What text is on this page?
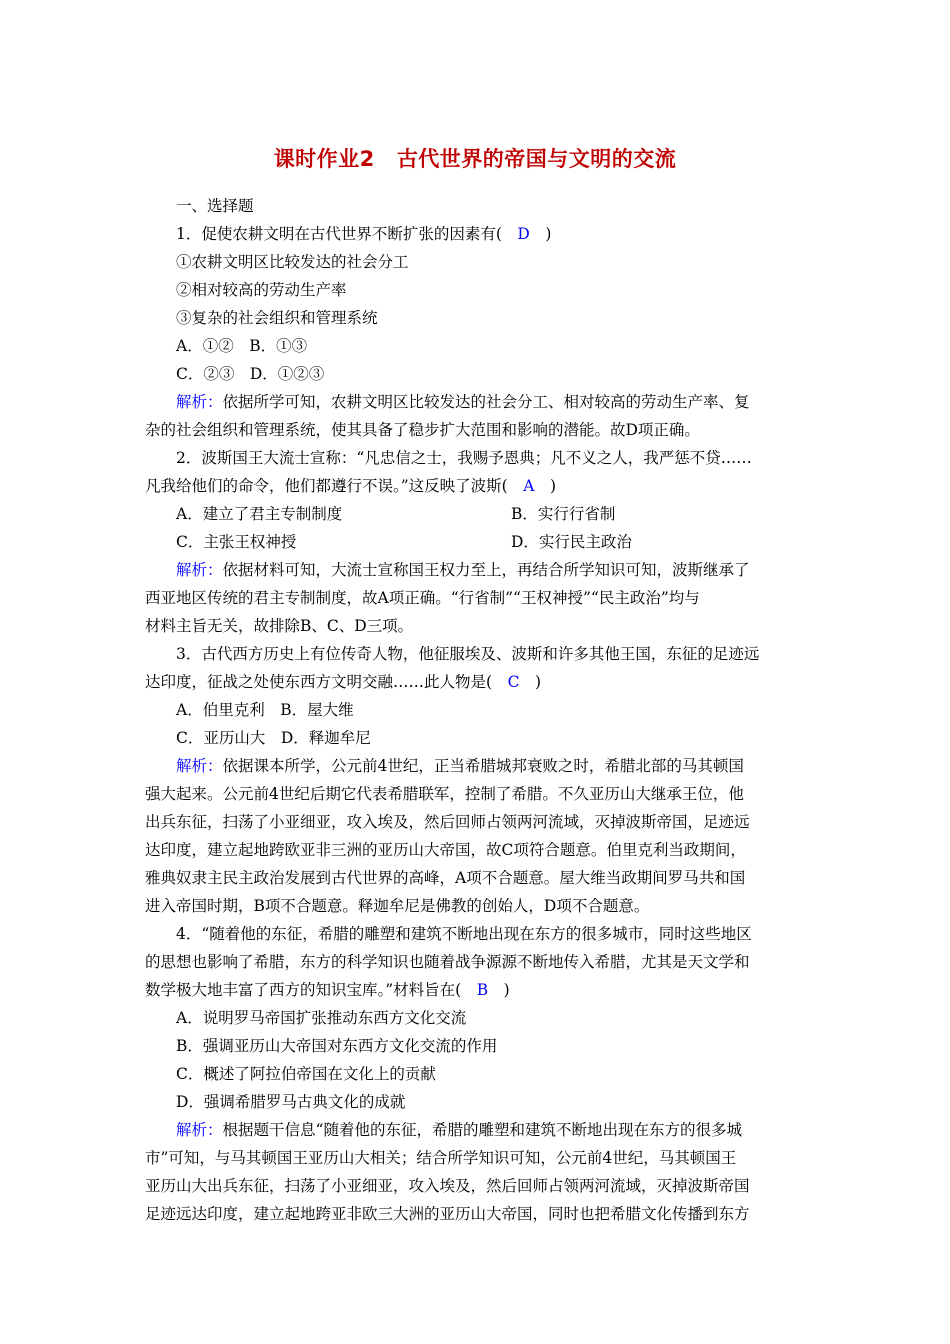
课时作业2 古代世界的帝国与文明的交流
一、选择题
1．促使农耕文明在古代世界不断扩张的因素有(　D　)
①农耕文明区比较发达的社会分工
②相对较高的劳动生产率
③复杂的社会组织和管理系统
A．①②　B．①③
C．②③　D．①②③
解析：依据所学可知，农耕文明区比较发达的社会分工、相对较高的劳动生产率、复
杂的社会组织和管理系统，使其具备了稳步扩大范围和影响的潜能。故D项正确。
2．波斯国王大流士宣称：“凡忠信之士，我赐予恩典；凡不义之人，我严惩不贷……
凡我给他们的命令，他们都遵行不误。”这反映了波斯(　A　)
A．建立了君主专制制度	B．实行行省制
C．主张王权神授	D．实行民主政治
解析：依据材料可知，大流士宣称国王权力至上，再结合所学知识可知，波斯继承了
西亚地区传统的君主专制制度，故A项正确。“行省制”“王权神授”“民主政治”均与
材料主旨无关，故排除B、C、D三项。
3．古代西方历史上有位传奇人物，他征服埃及、波斯和许多其他王国，东征的足迹远
达印度，征战之处使东西方文明交融……此人物是(　C　)
A．伯里克利　B．屋大维
C．亚历山大　D．释迦牟尼
解析：依据课本所学，公元前4世纪，正当希腊城邦衰败之时，希腊北部的马其顿国
强大起来。公元前4世纪后期它代表希腊联军，控制了希腊。不久亚历山大继承王位，他
出兵东征，扫荡了小亚细亚，攻入埃及，然后回师占领两河流域，灭掉波斯帝国，足迹远
达印度，建立起地跨欧亚非三洲的亚历山大帝国，故C项符合题意。伯里克利当政期间，
雅典奴隶主民主政治发展到古代世界的高峰，A项不合题意。屋大维当政期间罗马共和国
进入帝国时期，B项不合题意。释迦牟尼是佛教的创始人，D项不合题意。
4．“随着他的东征，希腊的雕塑和建筑不断地出现在东方的很多城市，同时这些地区
的思想也影响了希腊，东方的科学知识也随着战争源源不断地传入希腊，尤其是天文学和
数学极大地丰富了西方的知识宝库。”材料旨在(　B　)
A．说明罗马帝国扩张推动东西方文化交流
B．强调亚历山大帝国对东西方文化交流的作用
C．概述了阿拉伯帝国在文化上的贡献
D．强调希腊罗马古典文化的成就
解析：根据题干信息“随着他的东征，希腊的雕塑和建筑不断地出现在东方的很多城
市”可知，与马其顿国王亚历山大相关；结合所学知识可知，公元前4世纪，马其顿国王
亚历山大出兵东征，扫荡了小亚细亚，攻入埃及，然后回师占领两河流域，灭掉波斯帝国
足迹远达印度，建立起地跨亚非欧三大洲的亚历山大帝国，同时也把希腊文化传播到东方
